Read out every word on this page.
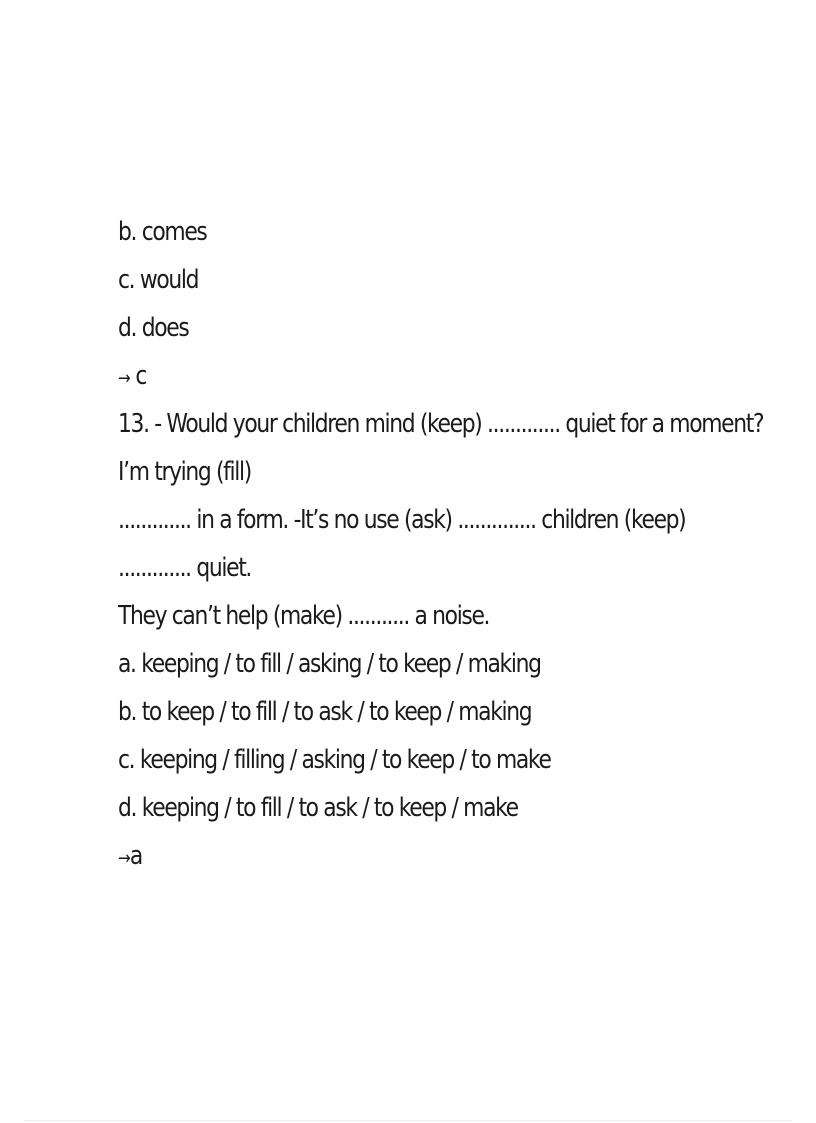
b. comes
c. would
d. does
→ c
13. - Would your children mind (keep) ............. quiet for a moment?
I’m trying (fill)
............. in a form. -It’s no use (ask) .............. children (keep)
............. quiet.
They can’t help (make) ........... a noise.
a. keeping / to fill / asking / to keep / making
b. to keep / to fill / to ask / to keep / making
c. keeping / filling / asking / to keep / to make
d. keeping / to fill / to ask / to keep / make
→a
